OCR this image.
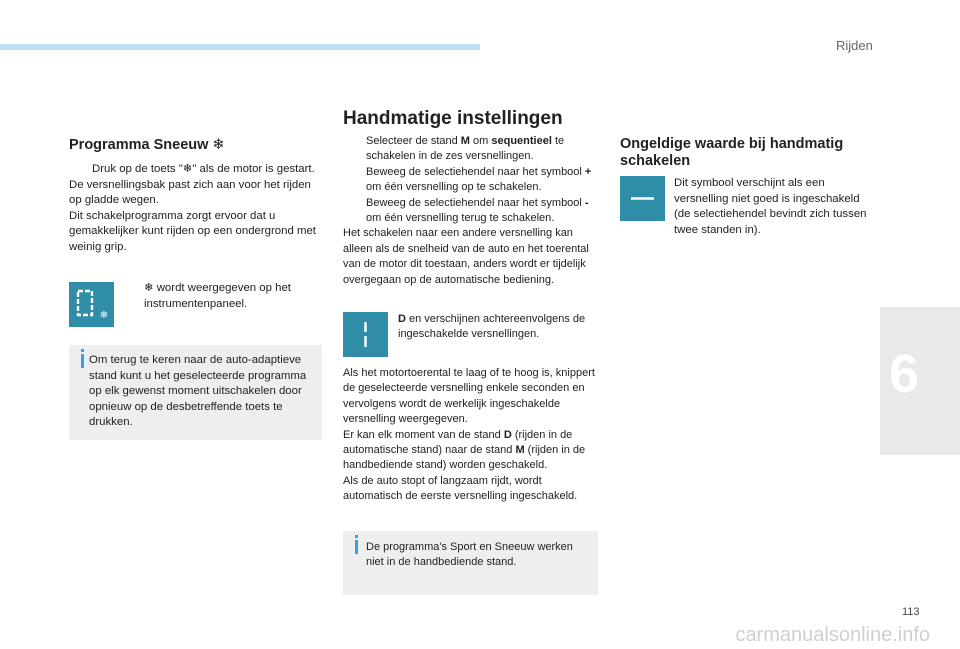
Rijden
6
Programma Sneeuw ❄

Druk op de toets "❄" als de motor is gestart.

De versnellingsbak past zich aan voor het rijden op gladde wegen.

Dit schakelprogramma zorgt ervoor dat u gemakkelijker kunt rijden op een ondergrond met weinig grip.

❄
❄ wordt weergegeven op het instrumentenpaneel.
Om terug te keren naar de auto-adaptieve stand kunt u het geselecteerde programma op elk gewenst moment uitschakelen door opnieuw op de desbetreffende toets te drukken.
Handmatige instellingen

Selecteer de stand M om sequentieel te schakelen in de zes versnellingen.

Beweeg de selectiehendel naar het symbool + om één versnelling op te schakelen.

Beweeg de selectiehendel naar het symbool - om één versnelling terug te schakelen.

Het schakelen naar een andere versnelling kan alleen als de snelheid van de auto en het toerental van de motor dit toestaan, anders wordt er tijdelijk overgegaan op de automatische bediening.

D en verschijnen achtereenvolgens de ingeschakelde versnellingen.

Als het motortoerental te laag of te hoog is, knippert de geselecteerde versnelling enkele seconden en vervolgens wordt de werkelijk ingeschakelde versnelling weergegeven.

Er kan elk moment van de stand D (rijden in de automatische stand) naar de stand M (rijden in de handbediende stand) worden geschakeld.

Als de auto stopt of langzaam rijdt, wordt automatisch de eerste versnelling ingeschakeld.

De programma's Sport en Sneeuw werken niet in de handbediende stand.
Ongeldige waarde bij handmatig schakelen
Dit symbool verschijnt als een versnelling niet goed is ingeschakeld (de selectiehendel bevindt zich tussen twee standen in).
113
carmanualsonline.info
